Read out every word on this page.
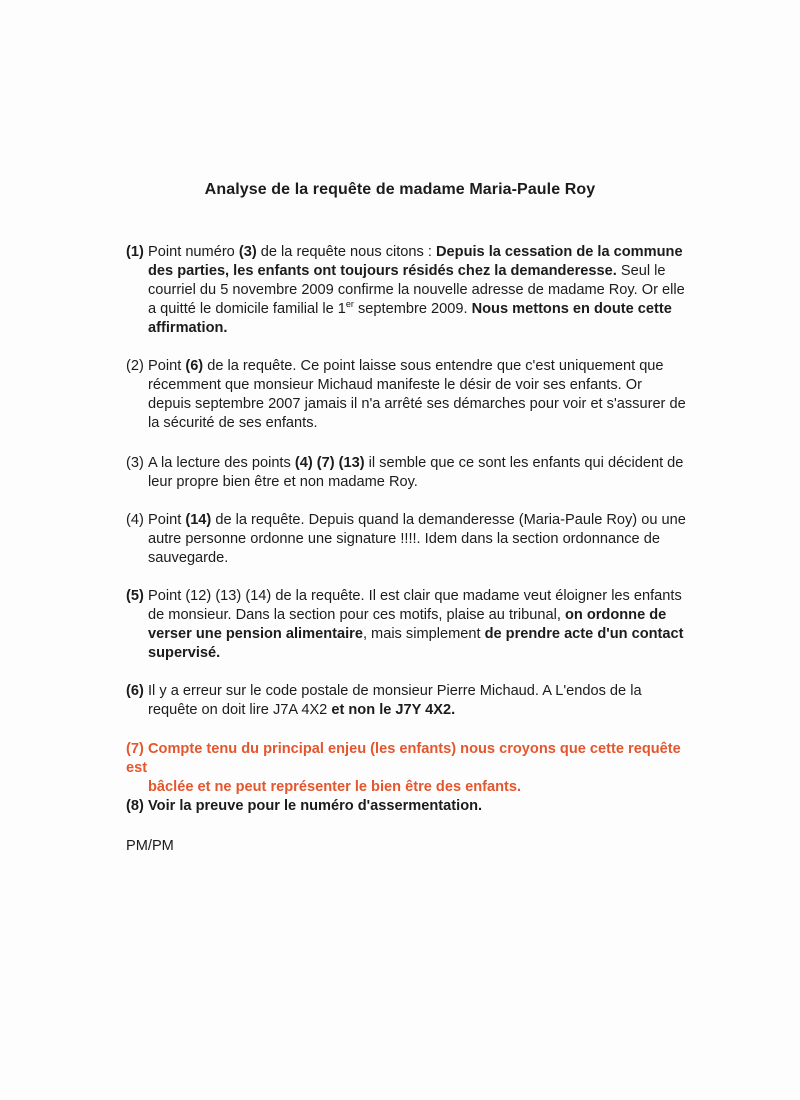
Analyse de la requête de madame Maria-Paule Roy
(1) Point numéro (3) de la requête nous citons : Depuis la cessation de la commune
des parties, les enfants ont toujours résidés chez la demanderesse. Seul le
courriel du 5 novembre 2009 confirme la nouvelle adresse de madame Roy. Or elle
a quitté le domicile familial le 1er septembre 2009. Nous mettons en doute cette
affirmation.
(2) Point (6) de la requête. Ce point laisse sous entendre que c'est uniquement que
récemment que monsieur Michaud manifeste le désir de voir ses enfants. Or
depuis septembre 2007 jamais il n'a arrêté ses démarches pour voir et s'assurer de
la sécurité de ses enfants.
(3) A la lecture des points (4) (7) (13) il semble que ce sont les enfants qui décident de
leur propre bien être et non madame Roy.
(4) Point (14) de la requête. Depuis quand la demanderesse (Maria-Paule Roy) ou une
autre personne ordonne une signature !!!!. Idem dans la section ordonnance de
sauvegarde.
(5) Point (12) (13) (14) de la requête. Il est clair que madame veut éloigner les enfants
de monsieur. Dans la section pour ces motifs, plaise au tribunal, on ordonne de
verser une pension alimentaire, mais simplement de prendre acte d'un contact
supervisé.
(6) Il y a erreur sur le code postale de monsieur Pierre Michaud. A L'endos de la
requête on doit lire J7A 4X2 et non le J7Y 4X2.
(7) Compte tenu du principal enjeu (les enfants) nous croyons que cette requête est
bâclée et ne peut représenter le bien être des enfants.
(8) Voir la preuve pour le numéro d'assermentation.
PM/PM
